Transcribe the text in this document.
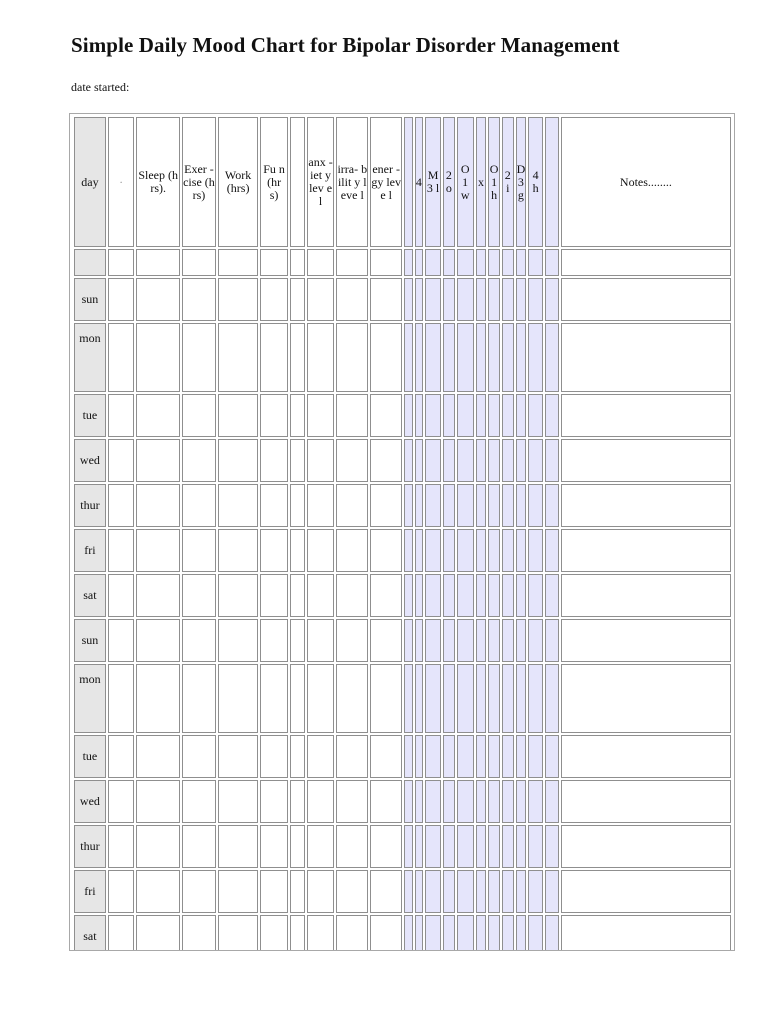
Simple Daily Mood Chart for Bipolar Disorder Management
date started:
day	·	Sleep (hrs).	Exer - cise (hrs)	Work (hrs)	Fu n (hr s)		anx - iet y lev el	irra- bilit y leve l	ener - gy leve l		4	M 3 l	2 o	O 1 w	x	O 1 h	2 i	D 3 g	4 h		Notes........

sun																					
mon																					
tue																					
wed																					
thur																					
fri																					
sat																					
sun																					
mon																					
tue																					
wed																					
thur																					
fri																					
sat																					
